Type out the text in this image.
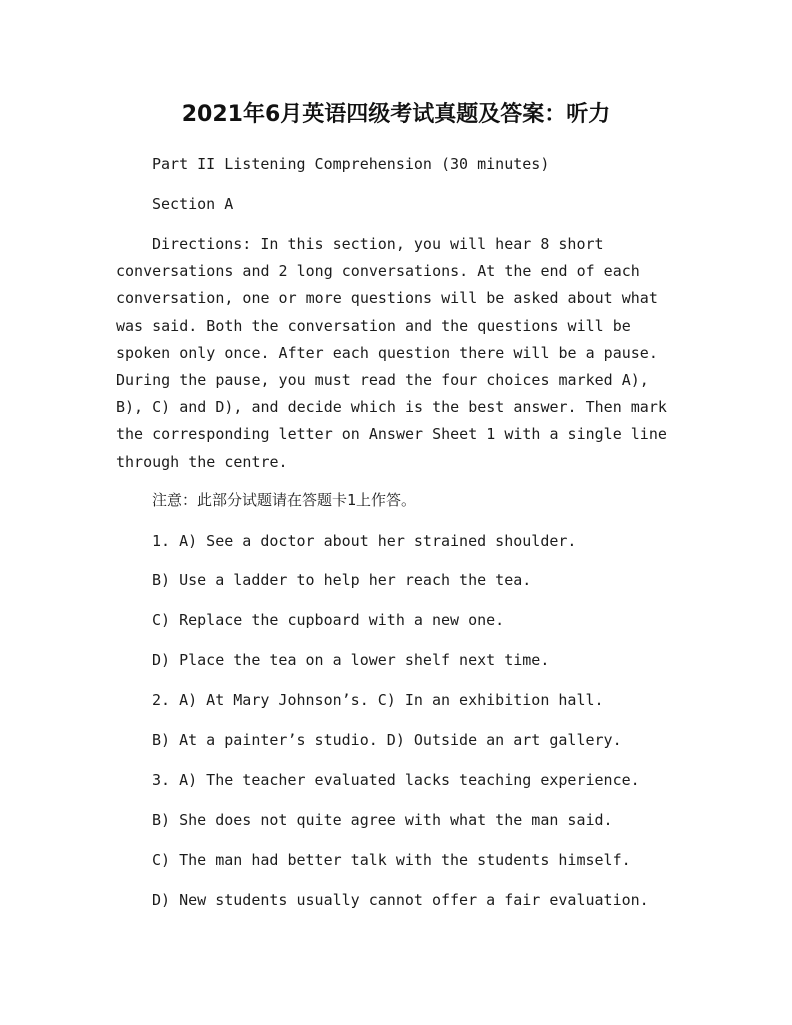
2021年6月英语四级考试真题及答案：听力
Part II Listening Comprehension (30 minutes)
Section A
Directions: In this section, you will hear 8 short
conversations and 2 long conversations. At the end of each
conversation, one or more questions will be asked about what
was said. Both the conversation and the questions will be
spoken only once. After each question there will be a pause.
During the pause, you must read the four choices marked A),
B), C) and D), and decide which is the best answer. Then mark
the corresponding letter on Answer Sheet 1 with a single line
through the centre.
注意：此部分试题请在答题卡1上作答。
1. A) See a doctor about her strained shoulder.
B) Use a ladder to help her reach the tea.
C) Replace the cupboard with a new one.
D) Place the tea on a lower shelf next time.
2. A) At Mary Johnson’s. C) In an exhibition hall.
B) At a painter’s studio. D) Outside an art gallery.
3. A) The teacher evaluated lacks teaching experience.
B) She does not quite agree with what the man said.
C) The man had better talk with the students himself.
D) New students usually cannot offer a fair evaluation.
